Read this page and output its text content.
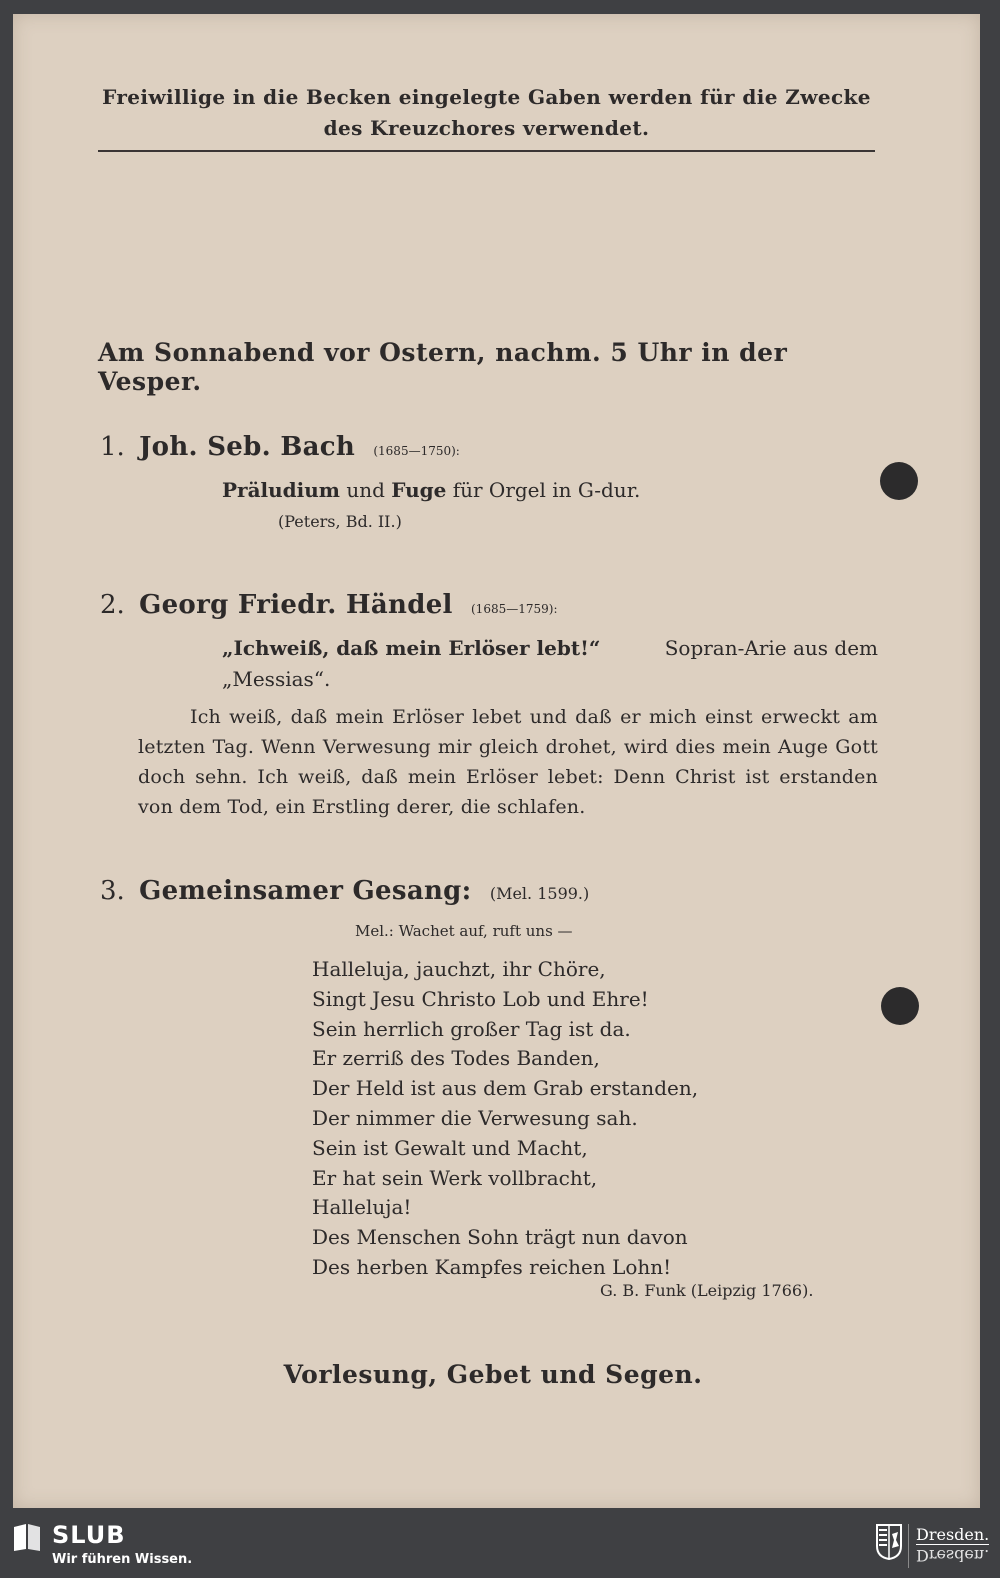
Freiwillige in die Becken eingelegte Gaben werden für die Zwecke
des Kreuzchores verwendet.
Am Sonnabend vor Ostern, nachm. 5 Uhr in der Vesper.
1. Joh. Seb. Bach (1685—1750):
Präludium und Fuge für Orgel in G-dur.
(Peters, Bd. II.)
2. Georg Friedr. Händel (1685—1759):
„Ichweiß, daß mein Erlöser lebt!“	Sopran-Arie aus dem
„Messias“.
Ich weiß, daß mein Erlöser lebet und daß er mich einst erweckt am letzten Tag. Wenn Verwesung mir gleich drohet, wird dies mein Auge Gott doch sehn. Ich weiß, daß mein Erlöser lebet: Denn Christ ist erstanden von dem Tod, ein Erstling derer, die schlafen.
3. Gemeinsamer Gesang: (Mel. 1599.)
Mel.: Wachet auf, ruft uns —
Halleluja, jauchzt, ihr Chöre,
Singt Jesu Christo Lob und Ehre!
Sein herrlich großer Tag ist da.
Er zerriß des Todes Banden,
Der Held ist aus dem Grab erstanden,
Der nimmer die Verwesung sah.
Sein ist Gewalt und Macht,
Er hat sein Werk vollbracht,
Halleluja!
Des Menschen Sohn trägt nun davon
Des herben Kampfes reichen Lohn!
G. B. Funk (Leipzig 1766).
Vorlesung, Gebet und Segen.
SLUB
Wir führen Wissen.
Dresden.
Dresden.
